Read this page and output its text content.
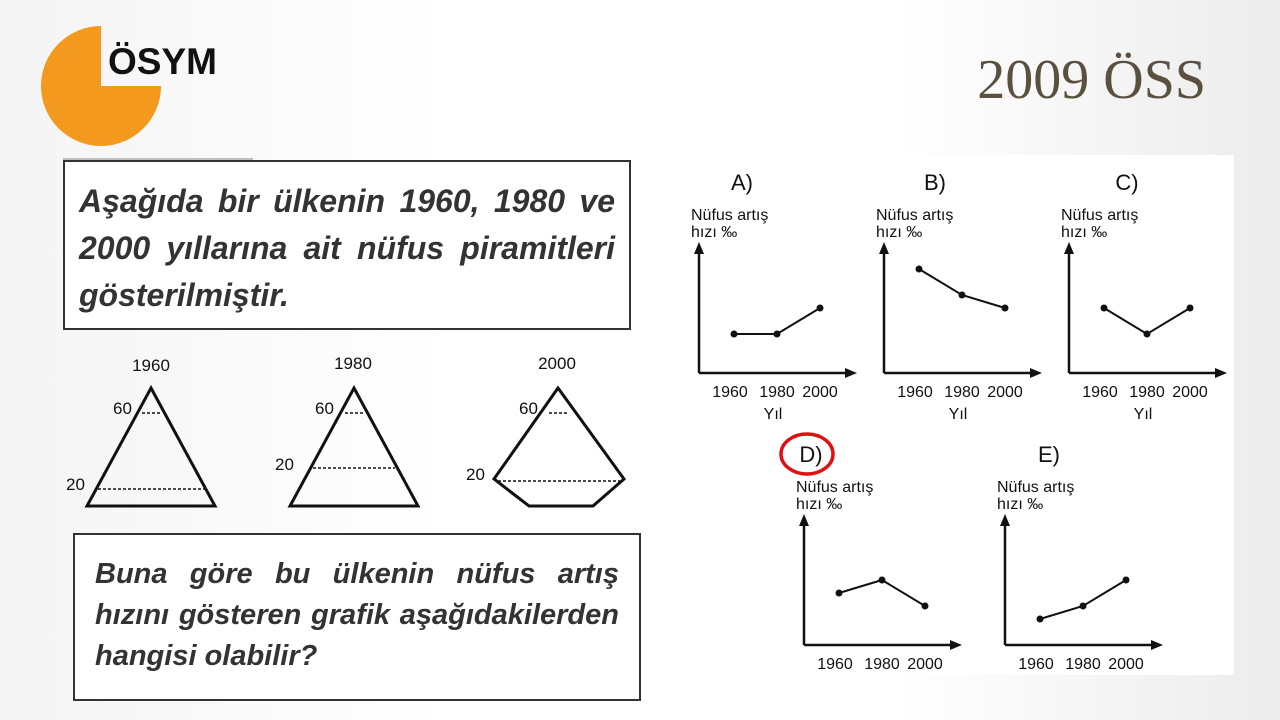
ÖSYM	2009 ÖSS
Aşağıda bir ülkenin 1960, 1980 ve 2000 yıllarına ait nüfus piramitleri gösterilmiştir.
1960
60
20
1980
60
20
2000
60
20
Buna göre bu ülkenin nüfus artış hızını gösteren grafik aşağıdakilerden hangisi olabilir?
A)
Nüfus artış
hızı ‰
1960 1980 2000
Yıl
B)
Nüfus artış
hızı ‰
1960 1980 2000
Yıl
C)
Nüfus artış
hızı ‰
1960 1980 2000
Yıl
D)
Nüfus artış
hızı ‰
1960 1980 2000
E)
Nüfus artış
hızı ‰
1960 1980 2000
